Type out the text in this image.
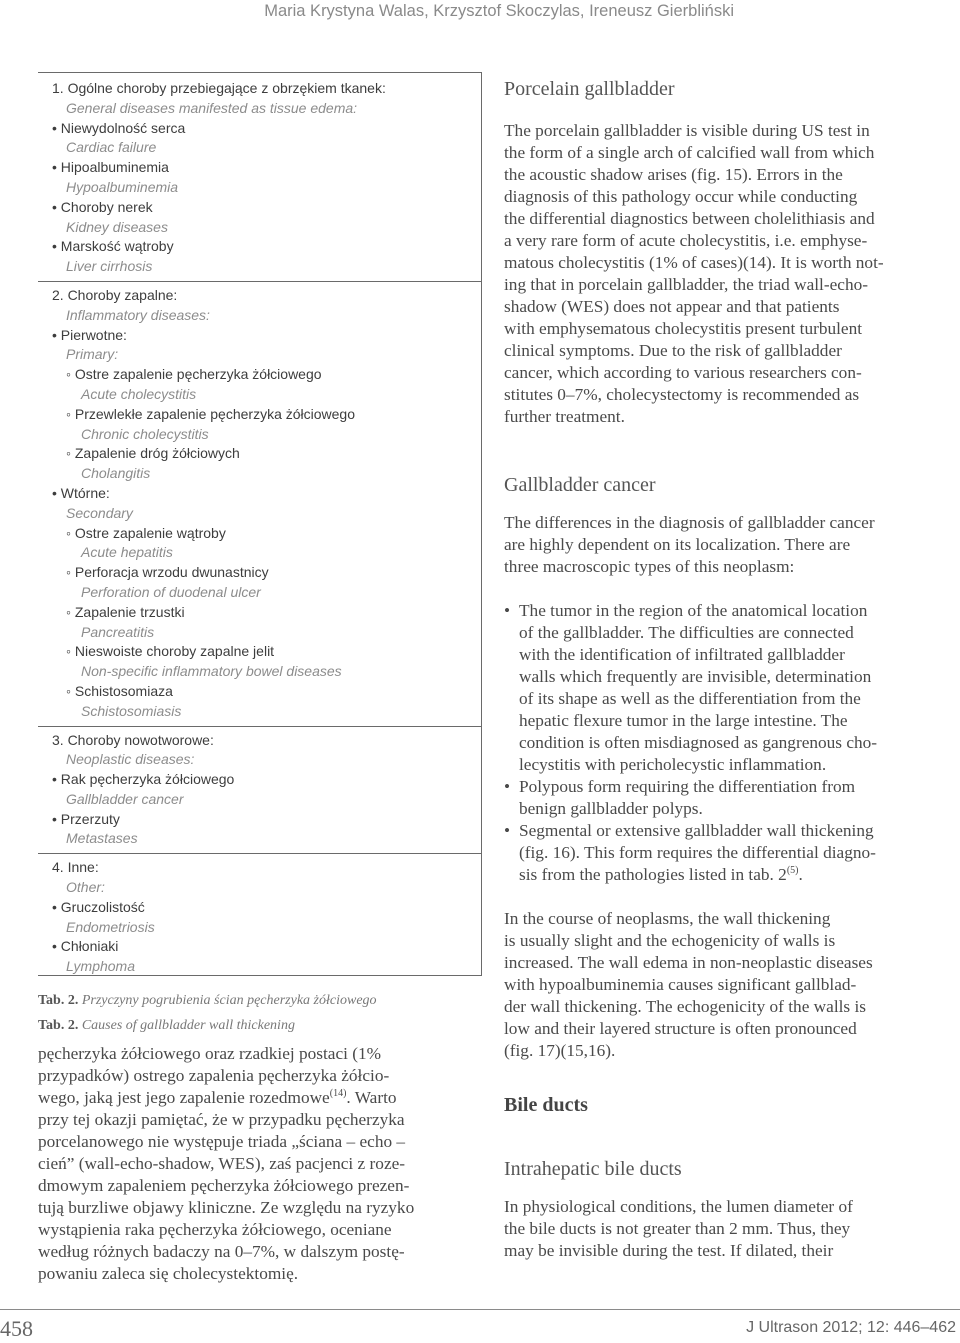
Maria Krystyna Walas, Krzysztof Skoczylas, Ireneusz Gierbliński
1. Ogólne choroby przebiegające z obrzękiem tkanek:
General diseases manifested as tissue edema:
• Niewydolność serca
Cardiac failure
• Hipoalbuminemia
Hypoalbuminemia
• Choroby nerek
Kidney diseases
• Marskość wątroby
Liver cirrhosis
2. Choroby zapalne:
Inflammatory diseases:
• Pierwotne:
Primary:
◦ Ostre zapalenie pęcherzyka żółciowego
Acute cholecystitis
◦ Przewlekłe zapalenie pęcherzyka żółciowego
Chronic cholecystitis
◦ Zapalenie dróg żółciowych
Cholangitis
• Wtórne:
Secondary
◦ Ostre zapalenie wątroby
Acute hepatitis
◦ Perforacja wrzodu dwunastnicy
Perforation of duodenal ulcer
◦ Zapalenie trzustki
Pancreatitis
◦ Nieswoiste choroby zapalne jelit
Non-specific inflammatory bowel diseases
◦ Schistosomiaza
Schistosomiasis
3. Choroby nowotworowe:
Neoplastic diseases:
• Rak pęcherzyka żółciowego
Gallbladder cancer
• Przerzuty
Metastases
4. Inne:
Other:
• Gruczolistość
Endometriosis
• Chłoniaki
Lymphoma
Tab. 2. Przyczyny pogrubienia ścian pęcherzyka żółciowego
Tab. 2. Causes of gallbladder wall thickening
pęcherzyka żółciowego oraz rzadkiej postaci (1%
przypadków) ostrego zapalenia pęcherzyka żółcio-
wego, jaką jest jego zapalenie rozedmowe$^{(14)}$. Warto
przy tej okazji pamiętać, że w przypadku pęcherzyka
porcelanowego nie występuje triada „ściana – echo –
cień” (wall-echo-shadow, WES), zaś pacjenci z roze-
dmowym zapaleniem pęcherzyka żółciowego prezen-
tują burzliwe objawy kliniczne. Ze względu na ryzyko
wystąpienia raka pęcherzyka żółciowego, oceniane
według różnych badaczy na 0–7%, w dalszym postę-
powaniu zaleca się cholecystektomię.
Porcelain gallbladder
The porcelain gallbladder is visible during US test in
the form of a single arch of calcified wall from which
the acoustic shadow arises (fig. 15). Errors in the
diagnosis of this pathology occur while conducting
the differential diagnostics between cholelithiasis and
a very rare form of acute cholecystitis, i.e. emphyse-
matous cholecystitis (1% of cases)(14). It is worth not-
ing that in porcelain gallbladder, the triad wall-echo-
shadow (WES) does not appear and that patients
with emphysematous cholecystitis present turbulent
clinical symptoms. Due to the risk of gallbladder
cancer, which according to various researchers con-
stitutes 0–7%, cholecystectomy is recommended as
further treatment.
Gallbladder cancer
The differences in the diagnosis of gallbladder cancer
are highly dependent on its localization. There are
three macroscopic types of this neoplasm:
• The tumor in the region of the anatomical location
of the gallbladder. The difficulties are connected
with the identification of infiltrated gallbladder
walls which frequently are invisible, determination
of its shape as well as the differentiation from the
hepatic flexure tumor in the large intestine. The
condition is often misdiagnosed as gangrenous cho-
lecystitis with pericholecystic inflammation.
• Polypous form requiring the differentiation from
benign gallbladder polyps.
• Segmental or extensive gallbladder wall thickening
(fig. 16). This form requires the differential diagno-
sis from the pathologies listed in tab. 2$^{(5)}$.
In the course of neoplasms, the wall thickening
is usually slight and the echogenicity of walls is
increased. The wall edema in non-neoplastic diseases
with hypoalbuminemia causes significant gallblad-
der wall thickening. The echogenicity of the walls is
low and their layered structure is often pronounced
(fig. 17)(15,16).
Bile ducts
Intrahepatic bile ducts
In physiological conditions, the lumen diameter of
the bile ducts is not greater than 2 mm. Thus, they
may be invisible during the test. If dilated, their
458	J Ultrason 2012; 12: 446–462
